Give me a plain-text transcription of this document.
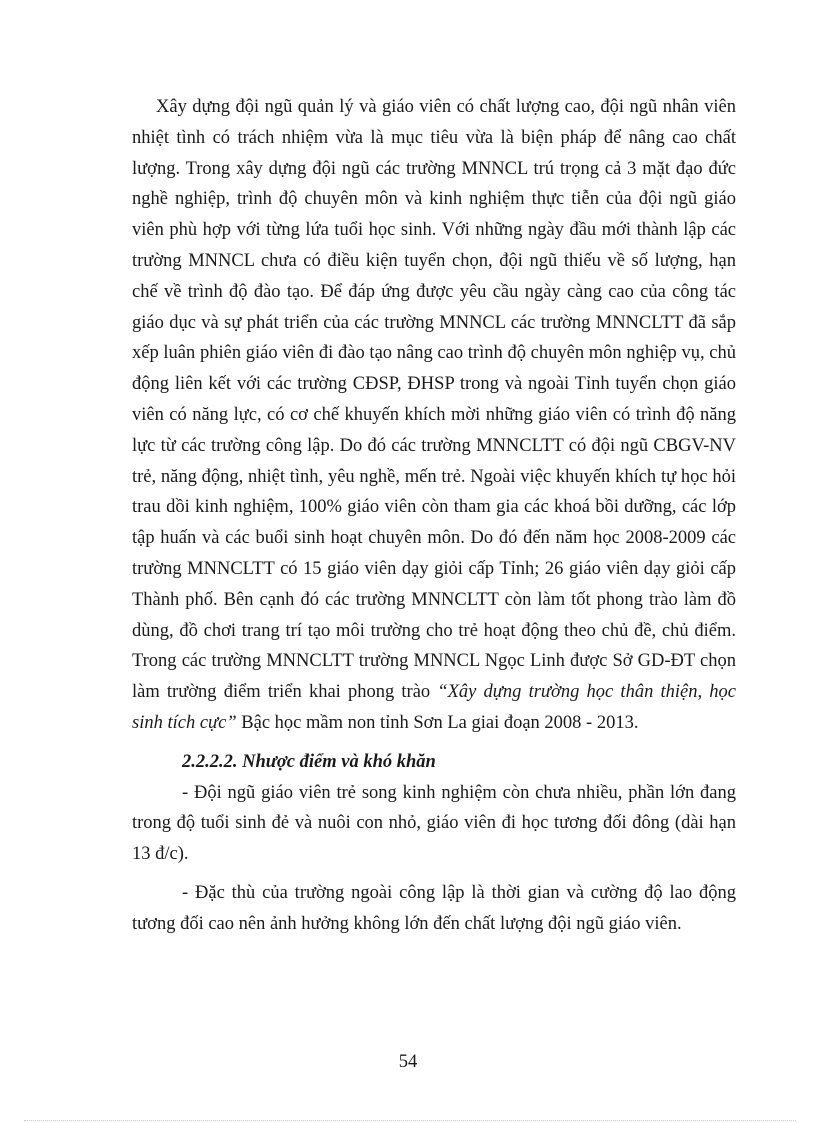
Xây dựng đội ngũ quản lý và giáo viên có chất lượng cao, đội ngũ nhân viên nhiệt tình có trách nhiệm vừa là mục tiêu vừa là biện pháp để nâng cao chất lượng. Trong xây dựng đội ngũ các trường MNNCL trú trọng cả 3 mặt đạo đức nghề nghiệp, trình độ chuyên môn và kinh nghiệm thực tiễn của đội ngũ giáo viên phù hợp với từng lứa tuổi học sinh. Với những ngày đầu mới thành lập các trường MNNCL chưa có điều kiện tuyển chọn, đội ngũ thiếu về số lượng, hạn chế về trình độ đào tạo. Để đáp ứng được yêu cầu ngày càng cao của công tác giáo dục và sự phát triển của các trường MNNCL các trường MNNCLTT đã sắp xếp luân phiên giáo viên đi đào tạo nâng cao trình độ chuyên môn nghiệp vụ, chủ động liên kết với các trường CĐSP, ĐHSP trong và ngoài Tỉnh tuyển chọn giáo viên có năng lực, có cơ chế khuyến khích mời những giáo viên có trình độ năng lực từ các trường công lập. Do đó các trường MNNCLTT có đội ngũ CBGV-NV trẻ, năng động, nhiệt tình, yêu nghề, mến trẻ. Ngoài việc khuyến khích tự học hỏi trau dồi kinh nghiệm, 100% giáo viên còn tham gia các khoá bồi dưỡng, các lớp tập huấn và các buổi sinh hoạt chuyên môn. Do đó đến năm học 2008-2009 các trường MNNCLTT có 15 giáo viên dạy giỏi cấp Tỉnh; 26 giáo viên dạy giỏi cấp Thành phố. Bên cạnh đó các trường MNNCLTT còn làm tốt phong trào làm đồ dùng, đồ chơi trang trí tạo môi trường cho trẻ hoạt động theo chủ đề, chủ điểm. Trong các trường MNNCLTT trường MNNCL Ngọc Linh được Sở GD-ĐT chọn làm trường điểm triển khai phong trào “Xây dựng trường học thân thiện, học sinh tích cực” Bậc học mầm non tỉnh Sơn La giai đoạn 2008 - 2013.

2.2.2.2. Nhược điểm và khó khăn

- Đội ngũ giáo viên trẻ song kinh nghiệm còn chưa nhiều, phần lớn đang trong độ tuổi sinh đẻ và nuôi con nhỏ, giáo viên đi học tương đối đông (dài hạn 13 đ/c).

- Đặc thù của trường ngoài công lập là thời gian và cường độ lao động tương đối cao nên ảnh hưởng không lớn đến chất lượng đội ngũ giáo viên.

54
